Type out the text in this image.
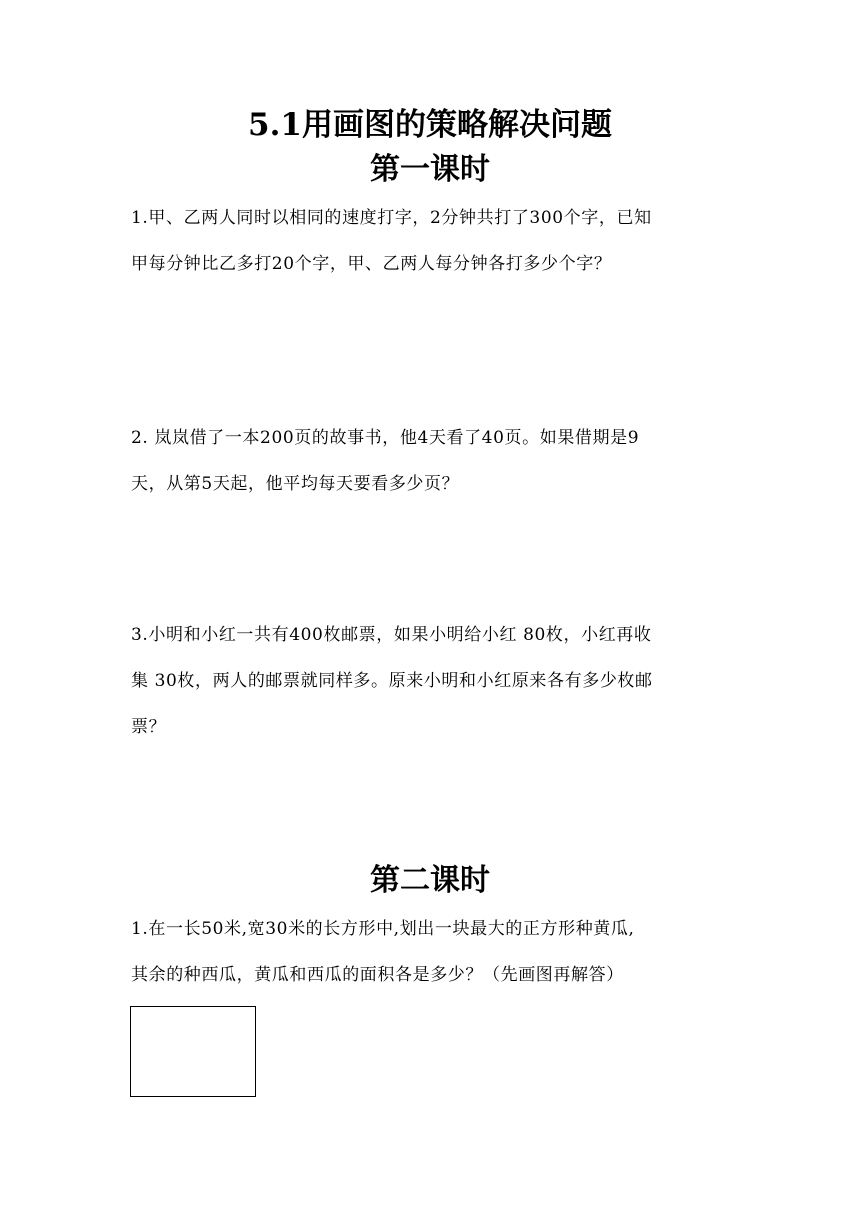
5.1用画图的策略解决问题
第一课时
1.甲、乙两人同时以相同的速度打字，2分钟共打了300个字，已知
甲每分钟比乙多打20个字，甲、乙两人每分钟各打多少个字？
2. 岚岚借了一本200页的故事书，他4天看了40页。如果借期是9
天，从第5天起，他平均每天要看多少页？
3.小明和小红一共有400枚邮票，如果小明给小红 80枚，小红再收
集 30枚，两人的邮票就同样多。原来小明和小红原来各有多少枚邮
票？
第二课时
1.在一长50米,宽30米的长方形中,划出一块最大的正方形种黄瓜,
其余的种西瓜，黄瓜和西瓜的面积各是多少？（先画图再解答）
